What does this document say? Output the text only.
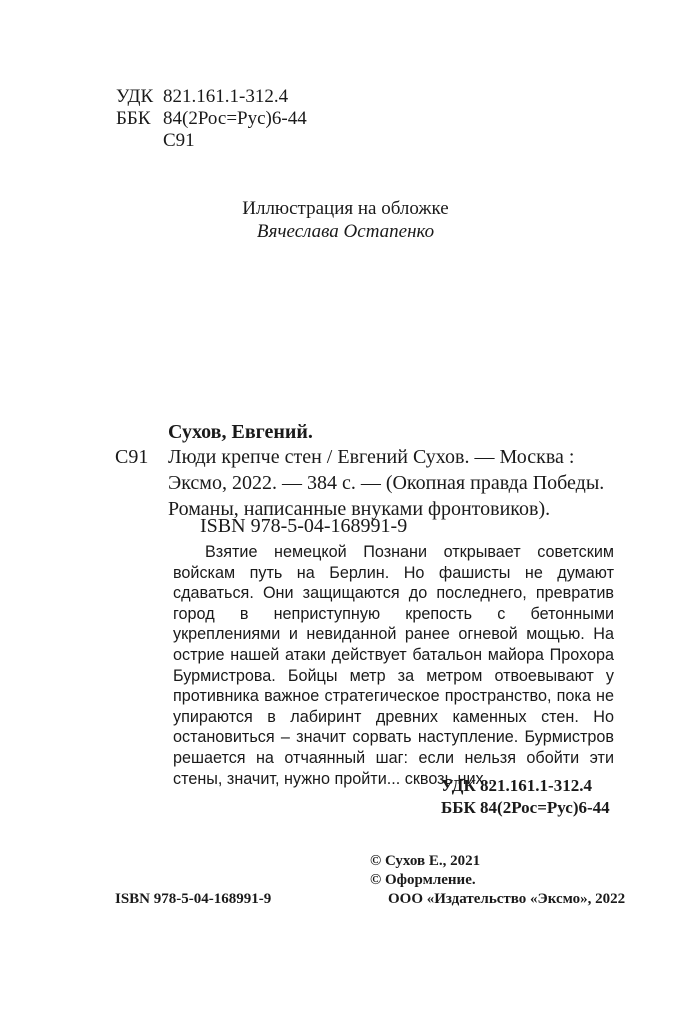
УДК 821.161.1-312.4
ББК 84(2Рос=Рус)6-44
С91
Иллюстрация на обложке
Вячеслава Остапенко
Сухов, Евгений.
С91 Люди крепче стен / Евгений Сухов. — Москва :
Эксмо, 2022. — 384 с. — (Окопная правда Победы.
Романы, написанные внуками фронтовиков).
ISBN 978-5-04-168991-9

Взятие немецкой Познани открывает советским войскам путь на Берлин. Но фашисты не думают сдаваться. Они защищаются до последнего, превратив город в неприступную крепость с бетонными укреплениями и невиданной ранее огневой мощью. На острие нашей атаки действует батальон майора Прохора Бурмистрова. Бойцы метр за метром отвоевывают у противника важное стратегическое пространство, пока не упираются в лабиринт древних каменных стен. Но остановиться – значит сорвать наступление. Бурмистров решается на отчаянный шаг: если нельзя обойти эти стены, значит, нужно пройти... сквозь них...

УДК 821.161.1-312.4
ББК 84(2Рос=Рус)6-44
© Сухов Е., 2021
© Оформление.
ISBN 978-5-04-168991-9	ООО «Издательство «Эксмо», 2022
